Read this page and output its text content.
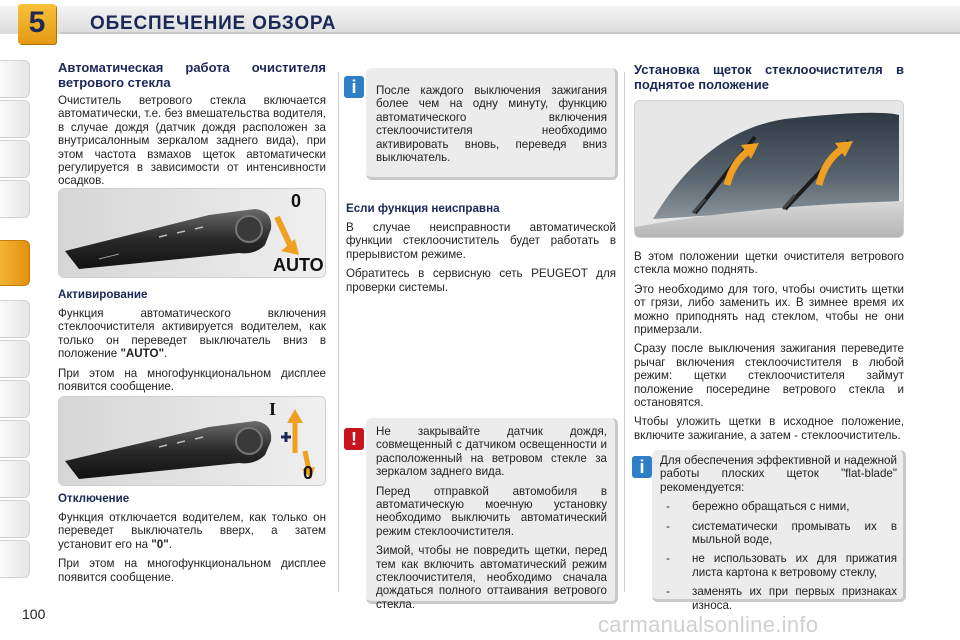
5	ОБЕСПЕЧЕНИЕ ОБЗОРА
Автоматическая работа очистителя ветрового стекла

Очиститель ветрового стекла включается автоматически, т.е. без вмешательства водителя, в случае дождя (датчик дождя расположен за внутрисалонным зеркалом заднего вида), при этом частота взмахов щеток автоматически регулируется в зависимости от интенсивности осадков.

0
AUTO
Активирование

Функция автоматического включения стеклоочистителя активируется водителем, как только он переведет выключатель вниз в положение "AUTO".

При этом на многофункциональном дисплее появится сообщение.

I
0
Отключение

Функция отключается водителем, как только он переведет выключатель вверх, а затем установит его на "0".

При этом на многофункциональном дисплее появится сообщение.

i	После каждого выключения зажигания более чем на одну минуту, функцию автоматического включения стеклоочистителя необходимо активировать вновь, переведя вниз выключатель.

Если функция неисправна

В случае неисправности автоматической функции стеклоочиститель будет работать в прерывистом режиме.

Обратитесь в сервисную сеть PEUGEOT для проверки системы.

!	Не закрывайте датчик дождя, совмещенный с датчиком освещенности и расположенный на ветровом стекле за зеркалом заднего вида.

Перед отправкой автомобиля в автоматическую моечную установку необходимо выключить автоматический режим стеклоочистителя.

Зимой, чтобы не повредить щетки, перед тем как включить автоматический режим стеклоочистителя, необходимо сначала дождаться полного оттаивания ветрового стекла.

Установка щеток стеклоочистителя в поднятое положение

В этом положении щетки очистителя ветрового стекла можно поднять.

Это необходимо для того, чтобы очистить щетки от грязи, либо заменить их. В зимнее время их можно приподнять над стеклом, чтобы не они примерзали.

Сразу после выключения зажигания переведите рычаг включения стеклоочистителя в любой режим: щетки стеклоочистителя займут положение посередине ветрового стекла и остановятся.

Чтобы уложить щетки в исходное положение, включите зажигание, а затем - стеклоочиститель.

i	Для обеспечения эффективной и надежной работы плоских щеток "flat-blade" рекомендуется:

- бережно обращаться с ними,
- систематически промывать их в мыльной воде,
- не использовать их для прижатия листа картона к ветровому стеклу,
- заменять их при первых признаках износа.
100	carmanualsonline.info
